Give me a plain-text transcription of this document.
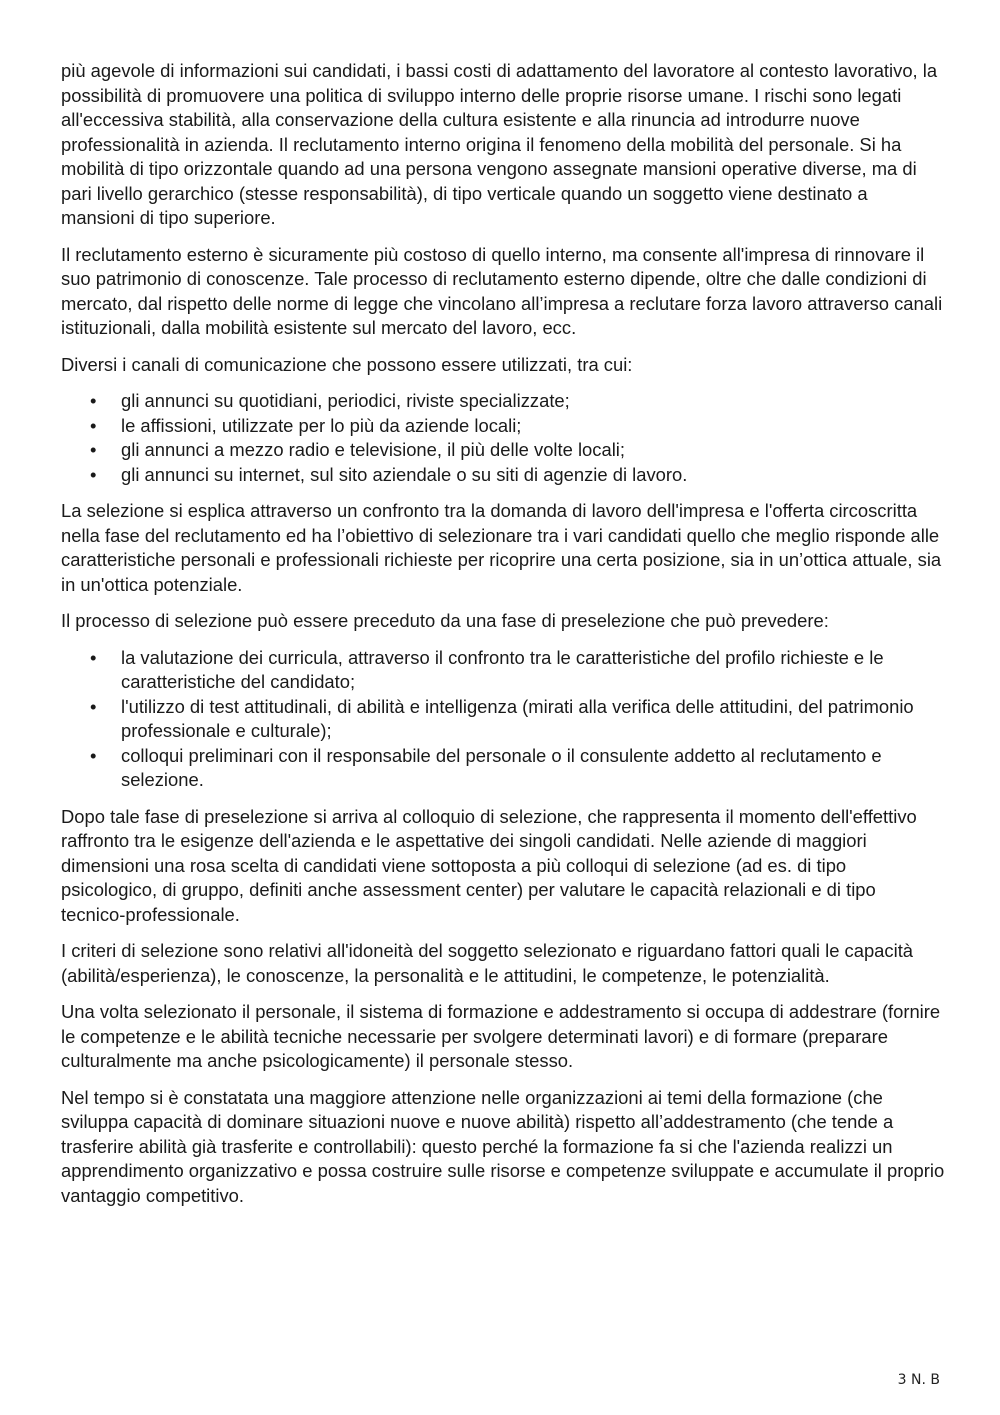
più agevole di informazioni sui candidati, i bassi costi di adattamento del lavoratore al contesto lavorativo, la possibilità di promuovere una politica di sviluppo interno delle proprie risorse umane. I rischi sono legati all'eccessiva stabilità, alla conservazione della cultura esistente e alla rinuncia ad introdurre nuove professionalità in azienda. Il reclutamento interno origina il fenomeno della mobilità del personale. Si ha mobilità di tipo orizzontale quando ad una persona vengono assegnate mansioni operative diverse, ma di pari livello gerarchico (stesse responsabilità), di tipo verticale quando un soggetto viene destinato a mansioni di tipo superiore.

Il reclutamento esterno è sicuramente più costoso di quello interno, ma consente all'impresa di rinnovare il suo patrimonio di conoscenze. Tale processo di reclutamento esterno dipende, oltre che dalle condizioni di mercato, dal rispetto delle norme di legge che vincolano all’impresa a reclutare forza lavoro attraverso canali istituzionali, dalla mobilità esistente sul mercato del lavoro, ecc.

Diversi i canali di comunicazione che possono essere utilizzati, tra cui:

• gli annunci su quotidiani, periodici, riviste specializzate;
• le affissioni, utilizzate per lo più da aziende locali;
• gli annunci a mezzo radio e televisione, il più delle volte locali;
• gli annunci su internet, sul sito aziendale o su siti di agenzie di lavoro.

La selezione si esplica attraverso un confronto tra la domanda di lavoro dell'impresa e l'offerta circoscritta nella fase del reclutamento ed ha l’obiettivo di selezionare tra i vari candidati quello che meglio risponde alle caratteristiche personali e professionali richieste per ricoprire una certa posizione, sia in un’ottica attuale, sia in un'ottica potenziale.

Il processo di selezione può essere preceduto da una fase di preselezione che può prevedere:

• la valutazione dei curricula, attraverso il confronto tra le caratteristiche del profilo richieste e le caratteristiche del candidato;
• l'utilizzo di test attitudinali, di abilità e intelligenza (mirati alla verifica delle attitudini, del patrimonio professionale e culturale);
• colloqui preliminari con il responsabile del personale o il consulente addetto al reclutamento e selezione.

Dopo tale fase di preselezione si arriva al colloquio di selezione, che rappresenta il momento dell'effettivo raffronto tra le esigenze dell'azienda e le aspettative dei singoli candidati. Nelle aziende di maggiori dimensioni una rosa scelta di candidati viene sottoposta a più colloqui di selezione (ad es. di tipo psicologico, di gruppo, definiti anche assessment center) per valutare le capacità relazionali e di tipo tecnico-professionale.

I criteri di selezione sono relativi all'idoneità del soggetto selezionato e riguardano fattori quali le capacità (abilità/esperienza), le conoscenze, la personalità e le attitudini, le competenze, le potenzialità.

Una volta selezionato il personale, il sistema di formazione e addestramento si occupa di addestrare (fornire le competenze e le abilità tecniche necessarie per svolgere determinati lavori) e di formare (preparare culturalmente ma anche psicologicamente) il personale stesso.

Nel tempo si è constatata una maggiore attenzione nelle organizzazioni ai temi della formazione (che sviluppa capacità di dominare situazioni nuove e nuove abilità) rispetto all’addestramento (che tende a trasferire abilità già trasferite e controllabili): questo perché la formazione fa si che l'azienda realizzi un apprendimento organizzativo e possa costruire sulle risorse e competenze sviluppate e accumulate il proprio vantaggio competitivo.

3 N. B
